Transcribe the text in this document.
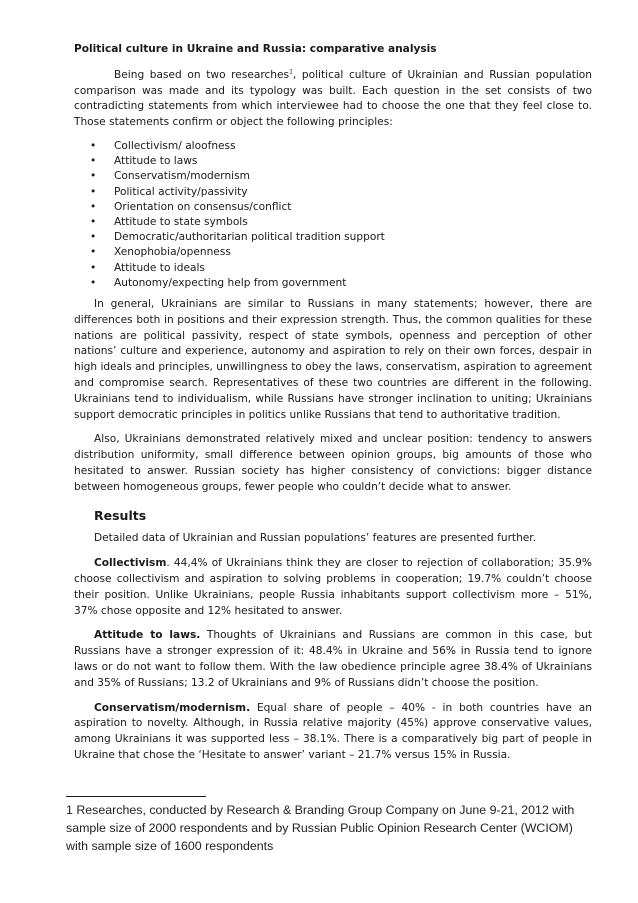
Political culture in Ukraine and Russia: comparative analysis

Being based on two researches$^1$, political culture of Ukrainian and Russian population comparison was made and its typology was built. Each question in the set consists of two contradicting statements from which interviewee had to choose the one that they feel close to. Those statements confirm or object the following principles:

• Collectivism/ aloofness
• Attitude to laws
• Conservatism/modernism
• Political activity/passivity
• Orientation on consensus/conflict
• Attitude to state symbols
• Democratic/authoritarian political tradition support
• Xenophobia/openness
• Attitude to ideals
• Autonomy/expecting help from government

In general, Ukrainians are similar to Russians in many statements; however, there are differences both in positions and their expression strength. Thus, the common qualities for these nations are political passivity, respect of state symbols, openness and perception of other nations’ culture and experience, autonomy and aspiration to rely on their own forces, despair in high ideals and principles, unwillingness to obey the laws, conservatism, aspiration to agreement and compromise search. Representatives of these two countries are different in the following. Ukrainians tend to individualism, while Russians have stronger inclination to uniting; Ukrainians support democratic principles in politics unlike Russians that tend to authoritative tradition.

Also, Ukrainians demonstrated relatively mixed and unclear position: tendency to answers distribution uniformity, small difference between opinion groups, big amounts of those who hesitated to answer. Russian society has higher consistency of convictions: bigger distance between homogeneous groups, fewer people who couldn’t decide what to answer.

Results

Detailed data of Ukrainian and Russian populations’ features are presented further.

Collectivism. 44,4% of Ukrainians think they are closer to rejection of collaboration; 35.9% choose collectivism and aspiration to solving problems in cooperation; 19.7% couldn’t choose their position. Unlike Ukrainians, people Russia inhabitants support collectivism more – 51%, 37% chose opposite and 12% hesitated to answer.

Attitude to laws. Thoughts of Ukrainians and Russians are common in this case, but Russians have a stronger expression of it: 48.4% in Ukraine and 56% in Russia tend to ignore laws or do not want to follow them. With the law obedience principle agree 38.4% of Ukrainians and 35% of Russians; 13.2 of Ukrainians and 9% of Russians didn’t choose the position.

Conservatism/modernism. Equal share of people – 40% - in both countries have an aspiration to novelty. Although, in Russia relative majority (45%) approve conservative values, among Ukrainians it was supported less – 38.1%. There is a comparatively big part of people in Ukraine that chose the ‘Hesitate to answer’ variant – 21.7% versus 15% in Russia.

1 Researches, conducted by Research & Branding Group Company on June 9-21, 2012 with sample size of 2000 respondents and by Russian Public Opinion Research Center (WCIOM) with sample size of 1600 respondents
